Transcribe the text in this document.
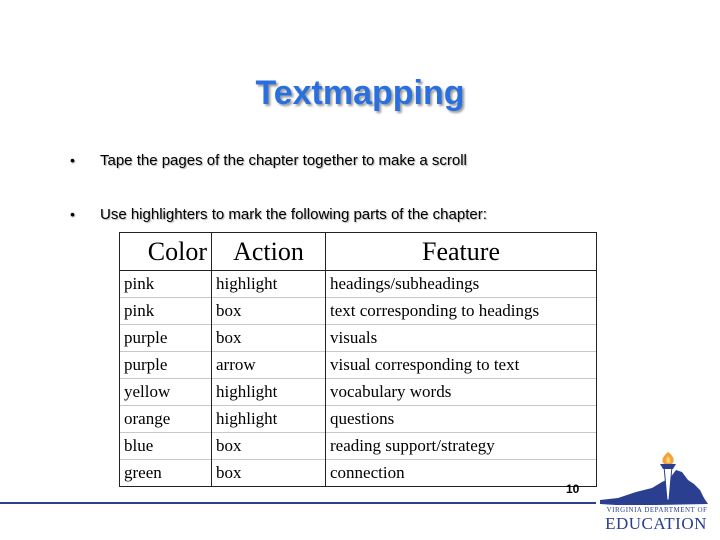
Textmapping
•	Tape the pages of the chapter together to make a scroll
•	Use highlighters to mark the following parts of the chapter:
Color	Action	Feature
pink	highlight	headings/subheadings
pink	box	text corresponding to headings
purple	box	visuals
purple	arrow	visual corresponding to text
yellow	highlight	vocabulary words
orange	highlight	questions
blue	box	reading support/strategy
green	box	connection
10
VIRGINIA DEPARTMENT OF
EDUCATION
